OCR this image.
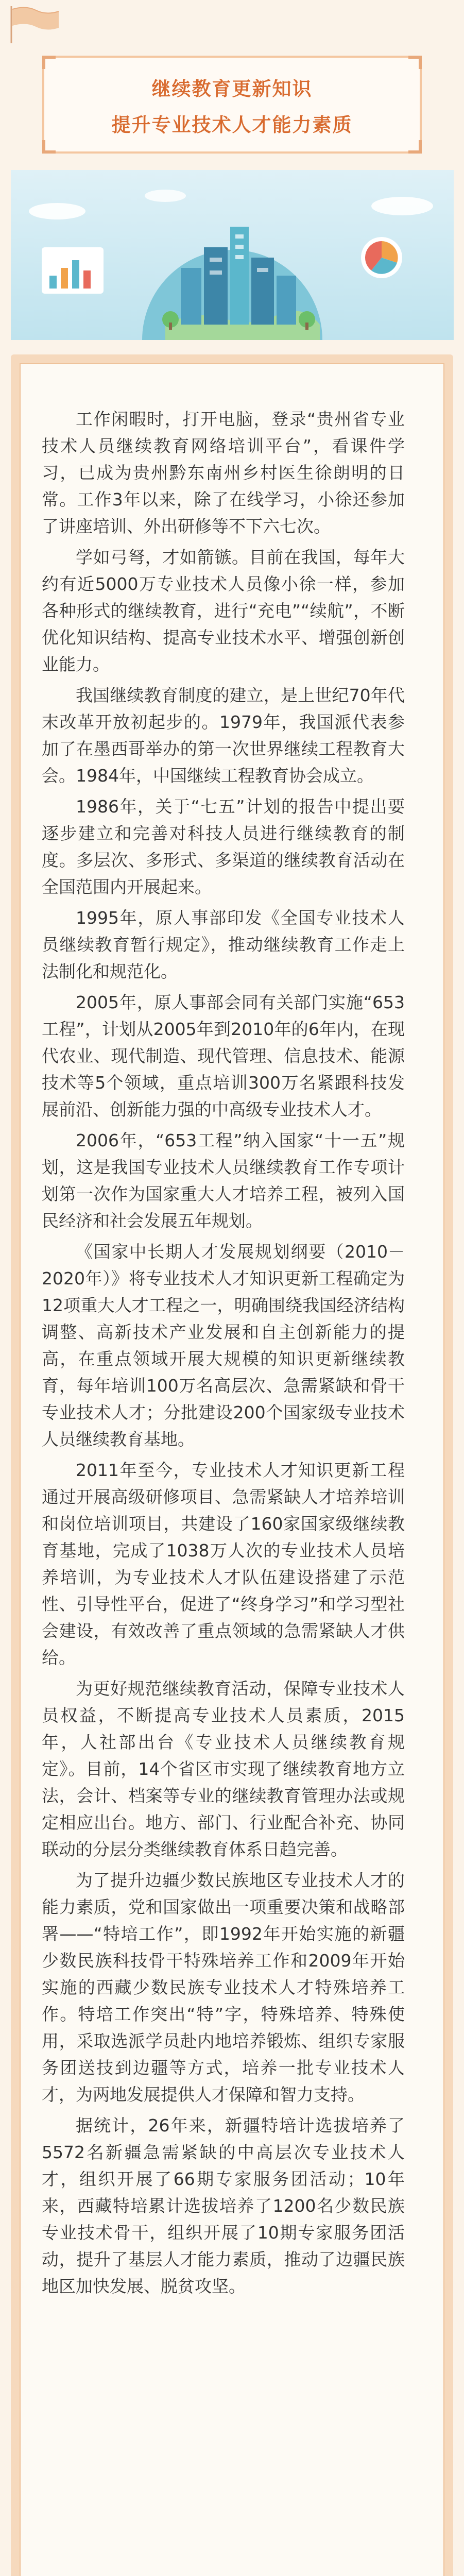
继续教育更新知识
提升专业技术人才能力素质

工作闲暇时，打开电脑，登录“贵州省专业技术人员继续教育网络培训平台”，看课件学习，已成为贵州黔东南州乡村医生徐朗明的日常。工作3年以来，除了在线学习，小徐还参加了讲座培训、外出研修等不下六七次。

学如弓弩，才如箭镞。目前在我国，每年大约有近5000万专业技术人员像小徐一样，参加各种形式的继续教育，进行“充电”“续航”，不断优化知识结构、提高专业技术水平、增强创新创业能力。

我国继续教育制度的建立，是上世纪70年代末改革开放初起步的。1979年，我国派代表参加了在墨西哥举办的第一次世界继续工程教育大会。1984年，中国继续工程教育协会成立。

1986年，关于“七五”计划的报告中提出要逐步建立和完善对科技人员进行继续教育的制度。多层次、多形式、多渠道的继续教育活动在全国范围内开展起来。

1995年，原人事部印发《全国专业技术人员继续教育暂行规定》，推动继续教育工作走上法制化和规范化。

2005年，原人事部会同有关部门实施“653工程”，计划从2005年到2010年的6年内，在现代农业、现代制造、现代管理、信息技术、能源技术等5个领域，重点培训300万名紧跟科技发展前沿、创新能力强的中高级专业技术人才。

2006年，“653工程”纳入国家“十一五”规划，这是我国专业技术人员继续教育工作专项计划第一次作为国家重大人才培养工程，被列入国民经济和社会发展五年规划。

《国家中长期人才发展规划纲要（2010－2020年）》将专业技术人才知识更新工程确定为12项重大人才工程之一，明确围绕我国经济结构调整、高新技术产业发展和自主创新能力的提高，在重点领域开展大规模的知识更新继续教育，每年培训100万名高层次、急需紧缺和骨干专业技术人才；分批建设200个国家级专业技术人员继续教育基地。

2011年至今，专业技术人才知识更新工程通过开展高级研修项目、急需紧缺人才培养培训和岗位培训项目，共建设了160家国家级继续教育基地，完成了1038万人次的专业技术人员培养培训，为专业技术人才队伍建设搭建了示范性、引导性平台，促进了“终身学习”和学习型社会建设，有效改善了重点领域的急需紧缺人才供给。

为更好规范继续教育活动，保障专业技术人员权益，不断提高专业技术人员素质，2015年，人社部出台《专业技术人员继续教育规定》。目前，14个省区市实现了继续教育地方立法，会计、档案等专业的继续教育管理办法或规定相应出台。地方、部门、行业配合补充、协同联动的分层分类继续教育体系日趋完善。

为了提升边疆少数民族地区专业技术人才的能力素质，党和国家做出一项重要决策和战略部署——“特培工作”，即1992年开始实施的新疆少数民族科技骨干特殊培养工作和2009年开始实施的西藏少数民族专业技术人才特殊培养工作。特培工作突出“特”字，特殊培养、特殊使用，采取选派学员赴内地培养锻炼、组织专家服务团送技到边疆等方式，培养一批专业技术人才，为两地发展提供人才保障和智力支持。

据统计，26年来，新疆特培计选拔培养了5572名新疆急需紧缺的中高层次专业技术人才，组织开展了66期专家服务团活动；10年来，西藏特培累计选拔培养了1200名少数民族专业技术骨干，组织开展了10期专家服务团活动，提升了基层人才能力素质，推动了边疆民族地区加快发展、脱贫攻坚。
